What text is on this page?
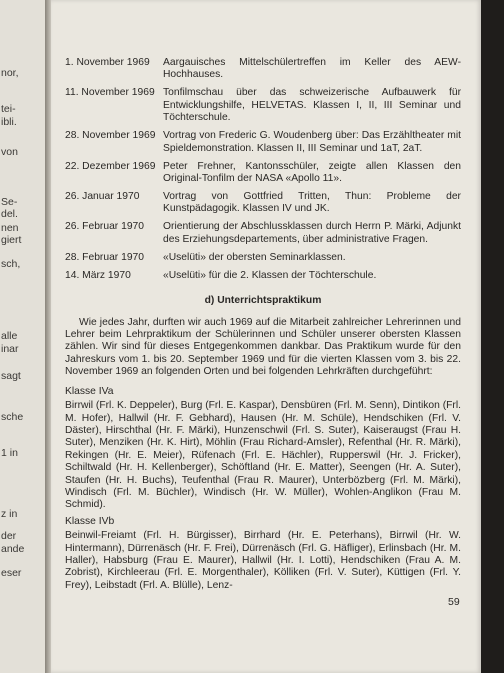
nor,
tei-
ibli.
von
Se-
del.
nen
giert
sch,
alle
inar
sagt
sche
1 in
z in
der
ande
eser
1. November 1969	Aargauisches Mittelschülertreffen im Keller des AEW-Hochhauses.
11. November 1969 Tonfilmschau über das schweizerische Aufbauwerk für Entwicklungshilfe, HELVETAS. Klassen I, II, III Seminar und Töchterschule.
28. November 1969 Vortrag von Frederic G. Woudenberg über: Das Erzähltheater mit Spieldemonstration. Klassen II, III Seminar und 1aT, 2aT.
22. Dezember 1969 Peter Frehner, Kantonsschüler, zeigte allen Klassen den Original-Tonfilm der NASA «Apollo 11».
26. Januar 1970	Vortrag von Gottfried Tritten, Thun: Probleme der Kunstpädagogik. Klassen IV und JK.
26. Februar 1970	Orientierung der Abschlussklassen durch Herrn P. Märki, Adjunkt des Erziehungsdepartements, über administrative Fragen.
28. Februar 1970	«Uselüti» der obersten Seminarklassen.
14. März 1970	«Uselüti» für die 2. Klassen der Töchterschule.
d) Unterrichtspraktikum

Wie jedes Jahr, durften wir auch 1969 auf die Mitarbeit zahlreicher Lehrerinnen und Lehrer beim Lehrpraktikum der Schülerinnen und Schüler unserer obersten Klassen zählen. Wir sind für dieses Entgegenkommen dankbar. Das Praktikum wurde für den Jahreskurs vom 1. bis 20. September 1969 und für die vierten Klassen vom 3. bis 22. November 1969 an folgenden Orten und bei folgenden Lehrkräften durchgeführt:

Klasse IVa

Birrwil (Frl. K. Deppeler), Burg (Frl. E. Kaspar), Densbüren (Frl. M. Senn), Dintikon (Frl. M. Hofer), Hallwil (Hr. F. Gebhard), Hausen (Hr. M. Schüle), Hendschiken (Frl. V. Däster), Hirschthal (Hr. F. Märki), Hunzenschwil (Frl. S. Suter), Kaiseraugst (Frau H. Suter), Menziken (Hr. K. Hirt), Möhlin (Frau Richard-Amsler), Refenthal (Hr. R. Märki), Rekingen (Hr. E. Meier), Rüfenach (Frl. E. Hächler), Rupperswil (Hr. J. Fricker), Schiltwald (Hr. H. Kellenberger), Schöftland (Hr. E. Matter), Seengen (Hr. A. Suter), Staufen (Hr. H. Buchs), Teufenthal (Frau R. Maurer), Unterbözberg (Frl. M. Märki), Windisch (Frl. M. Büchler), Windisch (Hr. W. Müller), Wohlen-Anglikon (Frau M. Schmid).

Klasse IVb

Beinwil-Freiamt (Frl. H. Bürgisser), Birrhard (Hr. E. Peterhans), Birrwil (Hr. W. Hintermann), Dürrenäsch (Hr. F. Frei), Dürrenäsch (Frl. G. Häfliger), Erlinsbach (Hr. M. Haller), Habsburg (Frau E. Maurer), Hallwil (Hr. I. Lotti), Hendschiken (Frau A. M. Zobrist), Kirchleerau (Frl. E. Morgenthaler), Kölliken (Frl. V. Suter), Küttigen (Frl. Y. Frey), Leibstadt (Frl. A. Blülle), Lenz-

59
